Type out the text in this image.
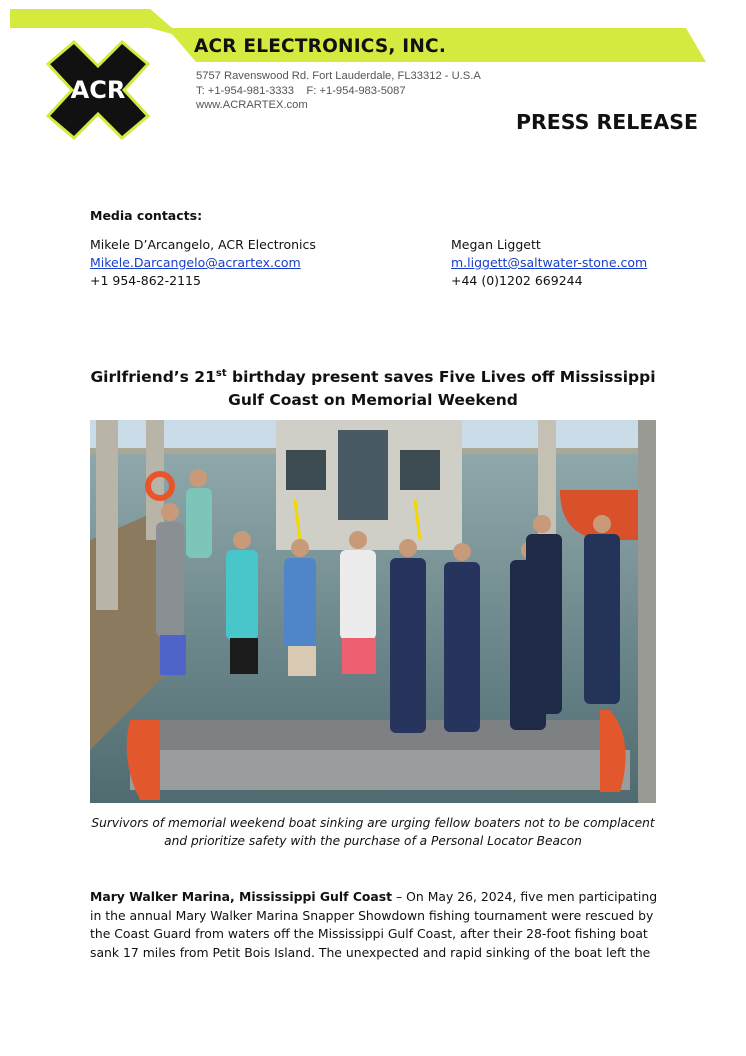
ACR
ACR ELECTRONICS, INC.
5757 Ravenswood Rd. Fort Lauderdale, FL33312 - U.S.A
T: +1-954-981-3333    F: +1-954-983-5087
www.ACRARTEX.com
PRESS RELEASE
Media contacts:
Mikele D’Arcangelo, ACR Electronics
Mikele.Darcangelo@acrartex.com
+1 954-862-2115
Megan Liggett
m.liggett@saltwater-stone.com
+44 (0)1202 669244
Girlfriend’s 21st birthday present saves Five Lives off Mississippi
Gulf Coast on Memorial Weekend
Survivors of memorial weekend boat sinking are urging fellow boaters not to be complacent
and prioritize safety with the purchase of a Personal Locator Beacon
Mary Walker Marina, Mississippi Gulf Coast – On May 26, 2024, five men participating in the annual Mary Walker Marina Snapper Showdown fishing tournament were rescued by the Coast Guard from waters off the Mississippi Gulf Coast, after their 28-foot fishing boat sank 17 miles from Petit Bois Island. The unexpected and rapid sinking of the boat left the
